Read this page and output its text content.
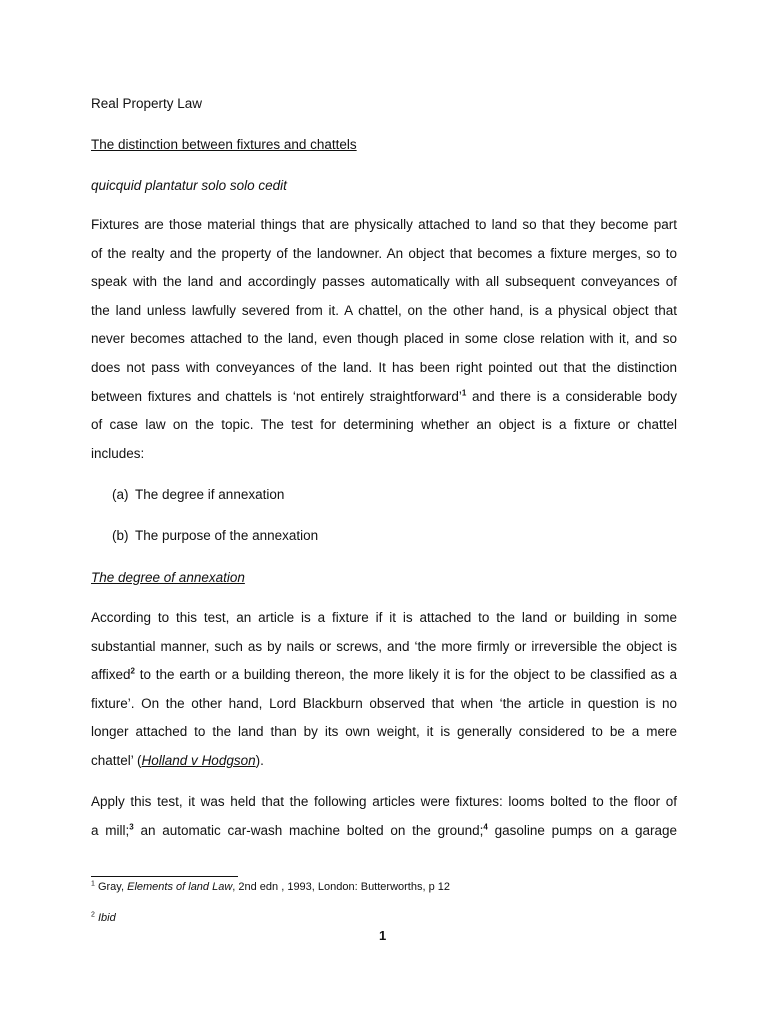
Real Property Law
The distinction between fixtures and chattels
quicquid plantatur solo solo cedit
Fixtures are those material things that are physically attached to land so that they become part
of the realty and the property of the landowner. An object that becomes a fixture merges, so to
speak with the land and accordingly passes automatically with all subsequent conveyances of
the land unless lawfully severed from it. A chattel, on the other hand, is a physical object that
never becomes attached to the land, even though placed in some close relation with it, and so
does not pass with conveyances of the land. It has been right pointed out that the distinction
between fixtures and chattels is ‘not entirely straightforward’$^1$ and there is a considerable body
of case law on the topic. The test for determining whether an object is a fixture or chattel
includes:
(a) The degree if annexation
(b) The purpose of the annexation
The degree of annexation
According to this test, an article is a fixture if it is attached to the land or building in some
substantial manner, such as by nails or screws, and ‘the more firmly or irreversible the object is
affixed$^2$ to the earth or a building thereon, the more likely it is for the object to be classified as a
fixture’. On the other hand, Lord Blackburn observed that when ‘the article in question is no
longer attached to the land than by its own weight, it is generally considered to be a mere
chattel’ (Holland v Hodgson).
Apply this test, it was held that the following articles were fixtures: looms bolted to the floor of
a mill;$^3$ an automatic car-wash machine bolted on the ground;$^4$ gasoline pumps on a garage
$^1$ Gray, Elements of land Law, 2nd edn , 1993, London: Butterworths, p 12
$^2$ Ibid
1
